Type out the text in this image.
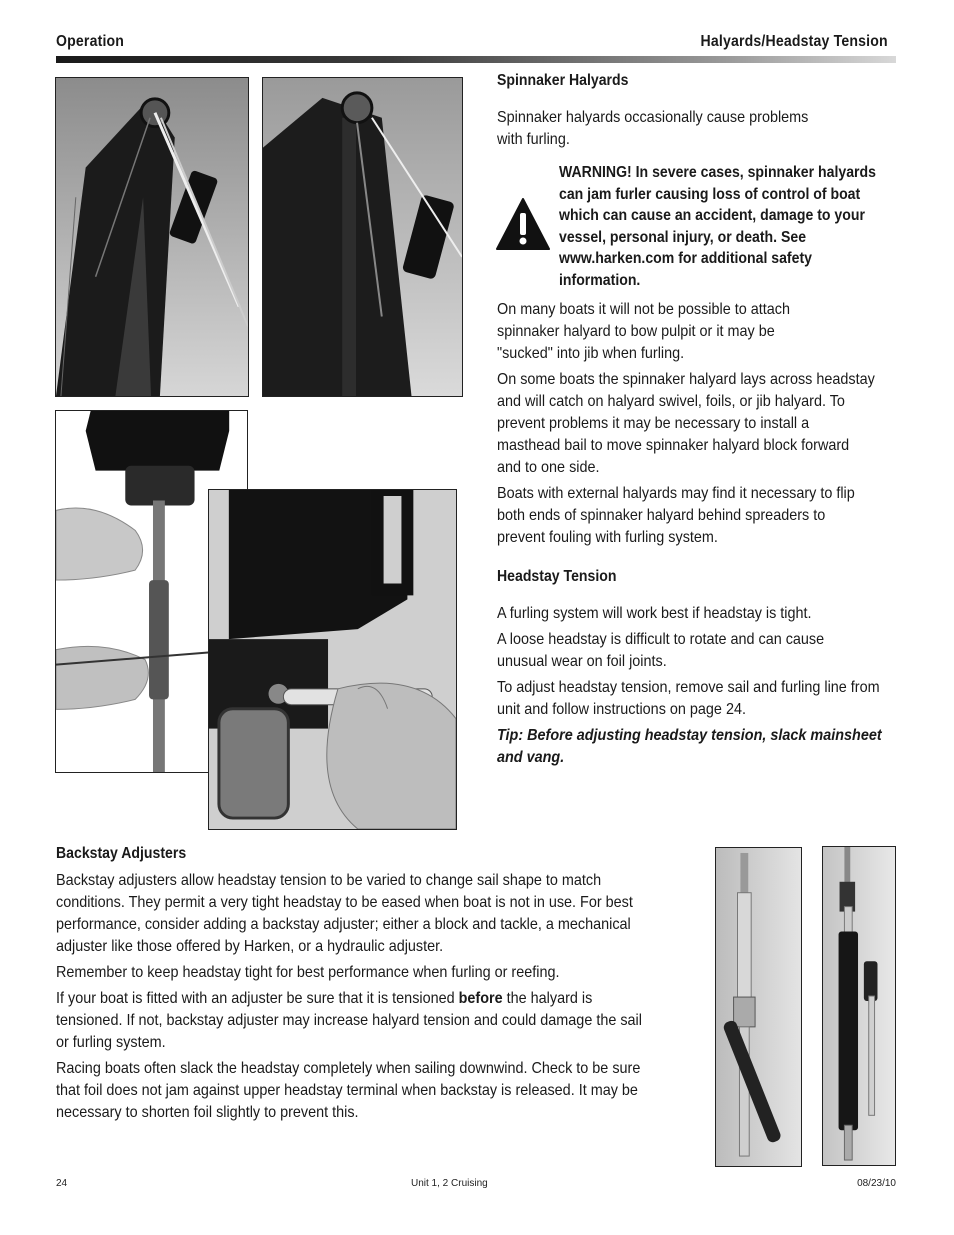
Operation	Halyards/Headstay Tension
Spinnaker Halyards
Spinnaker halyards occasionally cause problems with furling.
WARNING! In severe cases, spinnaker halyards can jam furler causing loss of control of boat which can cause an accident, damage to your vessel, personal injury, or death. See www.harken.com for additional safety information.
On many boats it will not be possible to attach spinnaker halyard to bow pulpit or it may be "sucked" into jib when furling.
On some boats the spinnaker halyard lays across headstay and will catch on halyard swivel, foils, or jib halyard. To prevent problems it may be necessary to install a masthead bail to move spinnaker halyard block forward and to one side.
Boats with external halyards may find it necessary to flip both ends of spinnaker halyard behind spreaders to prevent fouling with furling system.
Headstay Tension
A furling system will work best if headstay is tight.
A loose headstay is difficult to rotate and can cause unusual wear on foil joints.
To adjust headstay tension, remove sail and furling line from unit and follow instructions on page 24.
Tip: Before adjusting headstay tension, slack mainsheet and vang.
Backstay Adjusters
Backstay adjusters allow headstay tension to be varied to change sail shape to match conditions. They permit a very tight headstay to be eased when boat is not in use. For best performance, consider adding a backstay adjuster; either a block and tackle, a mechanical adjuster like those offered by Harken, or a hydraulic adjuster.
Remember to keep headstay tight for best performance when furling or reefing.
If your boat is fitted with an adjuster be sure that it is tensioned before the halyard is tensioned. If not, backstay adjuster may increase halyard tension and could damage the sail or furling system.
Racing boats often slack the headstay completely when sailing downwind. Check to be sure that foil does not jam against upper headstay terminal when backstay is released. It may be necessary to shorten foil slightly to prevent this.
24	Unit 1, 2 Cruising	08/23/10
